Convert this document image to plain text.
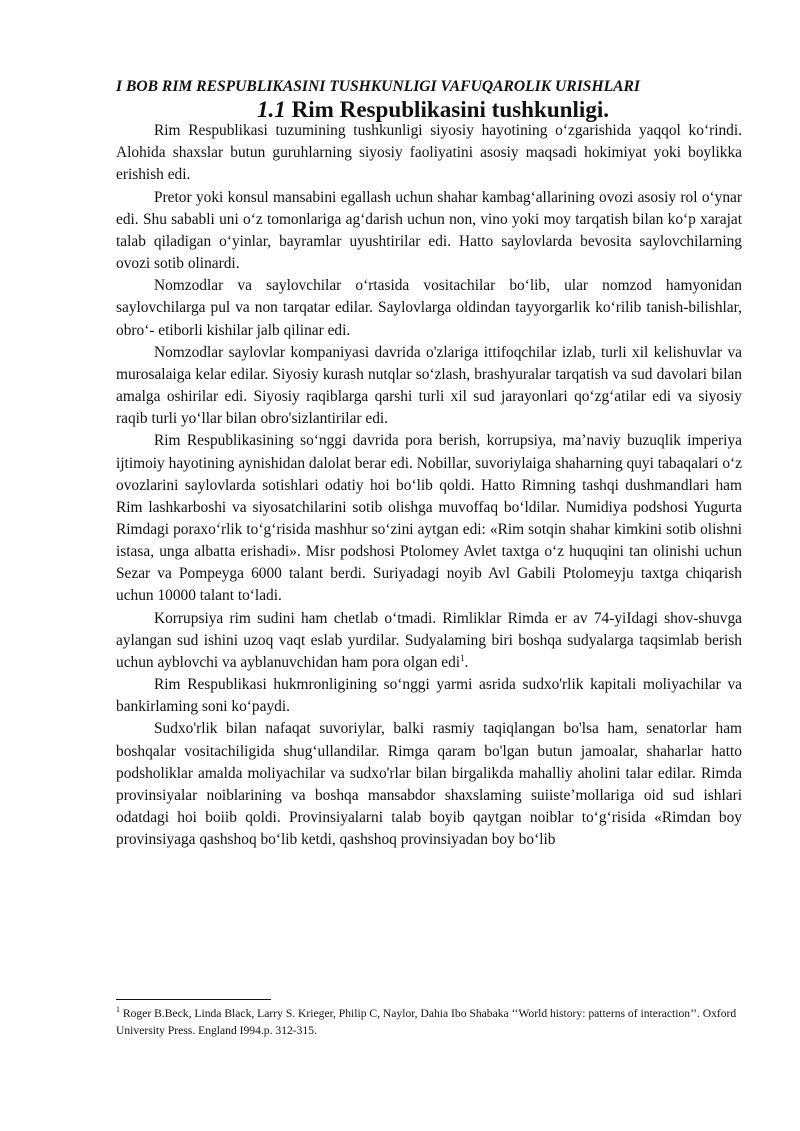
I BOB RIM RESPUBLIKASINI TUSHKUNLIGI VAFUQAROLIK URISHLARI
1.1 Rim Respublikasini tushkunligi.

Rim Respublikasi tuzumining tushkunligi siyosiy hayotining o‘zgarishida yaqqol ko‘rindi. Alohida shaxslar butun guruhlarning siyosiy faoliyatini asosiy maqsadi hokimiyat yoki boylikka erishish edi.

Pretor yoki konsul mansabini egallash uchun shahar kambag‘allarining ovozi asosiy rol o‘ynar edi. Shu sababli uni o‘z tomonlariga ag‘darish uchun non, vino yoki moy tarqatish bilan ko‘p xarajat talab qiladigan o‘yinlar, bayramlar uyushtirilar edi. Hatto saylovlarda bevosita saylovchilarning ovozi sotib olinardi.

Nomzodlar va saylovchilar o‘rtasida vositachilar bo‘lib, ular nomzod hamyonidan saylovchilarga pul va non tarqatar edilar. Saylovlarga oldindan tayyorgarlik ko‘rilib tanish-bilishlar, obro‘- etiborli kishilar jalb qilinar edi.

Nomzodlar saylovlar kompaniyasi davrida o'zlariga ittifoqchilar izlab, turli xil kelishuvlar va murosalaiga kelar edilar. Siyosiy kurash nutqlar so‘zlash, brashyuralar tarqatish va sud davolari bilan amalga oshirilar edi. Siyosiy raqiblarga qarshi turli xil sud jarayonlari qo‘zg‘atilar edi va siyosiy raqib turli yo‘llar bilan obro'sizlantirilar edi.

Rim Respublikasining so‘nggi davrida pora berish, korrupsiya, ma’naviy buzuqlik imperiya ijtimoiy hayotining aynishidan dalolat berar edi. Nobillar, suvoriylaiga shaharning quyi tabaqalari o‘z ovozlarini saylovlarda sotishlari odatiy hoi bo‘lib qoldi. Hatto Rimning tashqi dushmandlari ham Rim lashkarboshi va siyosatchilarini sotib olishga muvoffaq bo‘ldilar. Numidiya podshosi Yugurta Rimdagi poraxo‘rlik to‘g‘risida mashhur so‘zini aytgan edi: «Rim sotqin shahar kimkini sotib olishni istasa, unga albatta erishadi». Misr podshosi Ptolomey Avlet taxtga o‘z huquqini tan olinishi uchun Sezar va Pompeyga 6000 talant berdi. Suriyadagi noyib Avl Gabili Ptolomeyju taxtga chiqarish uchun 10000 talant to‘ladi.

Korrupsiya rim sudini ham chetlab o‘tmadi. Rimliklar Rimda er av 74-yiIdagi shov-shuvga aylangan sud ishini uzoq vaqt eslab yurdilar. Sudyalaming biri boshqa sudyalarga taqsimlab berish uchun ayblovchi va ayblanuvchidan ham pora olgan edi$^1$.

Rim Respublikasi hukmronligining so‘nggi yarmi asrida sudxo'rlik kapitali moliyachilar va bankirlaming soni ko‘paydi.

Sudxo'rlik bilan nafaqat suvoriylar, balki rasmiy taqiqlangan bo'lsa ham, senatorlar ham boshqalar vositachiligida shug‘ullandilar. Rimga qaram bo'lgan butun jamoalar, shaharlar hatto podsholiklar amalda moliyachilar va sudxo'rlar bilan birgalikda mahalliy aholini talar edilar. Rimda provinsiyalar noiblarining va boshqa mansabdor shaxslaming suiiste’mollariga oid sud ishlari odatdagi hoi boiib qoldi. Provinsiyalarni talab boyib qaytgan noiblar to‘g‘risida «Rimdan boy provinsiyaga qashshoq bo‘lib ketdi, qashshoq provinsiyadan boy bo‘lib

$^1$ Roger B.Beck, Linda Black, Larry S. Krieger, Philip C, Naylor, Dahia Ibo Shabaka ‘‘World history: patterns of interaction’’. Oxford University Press. England I994.p. 312-315.
